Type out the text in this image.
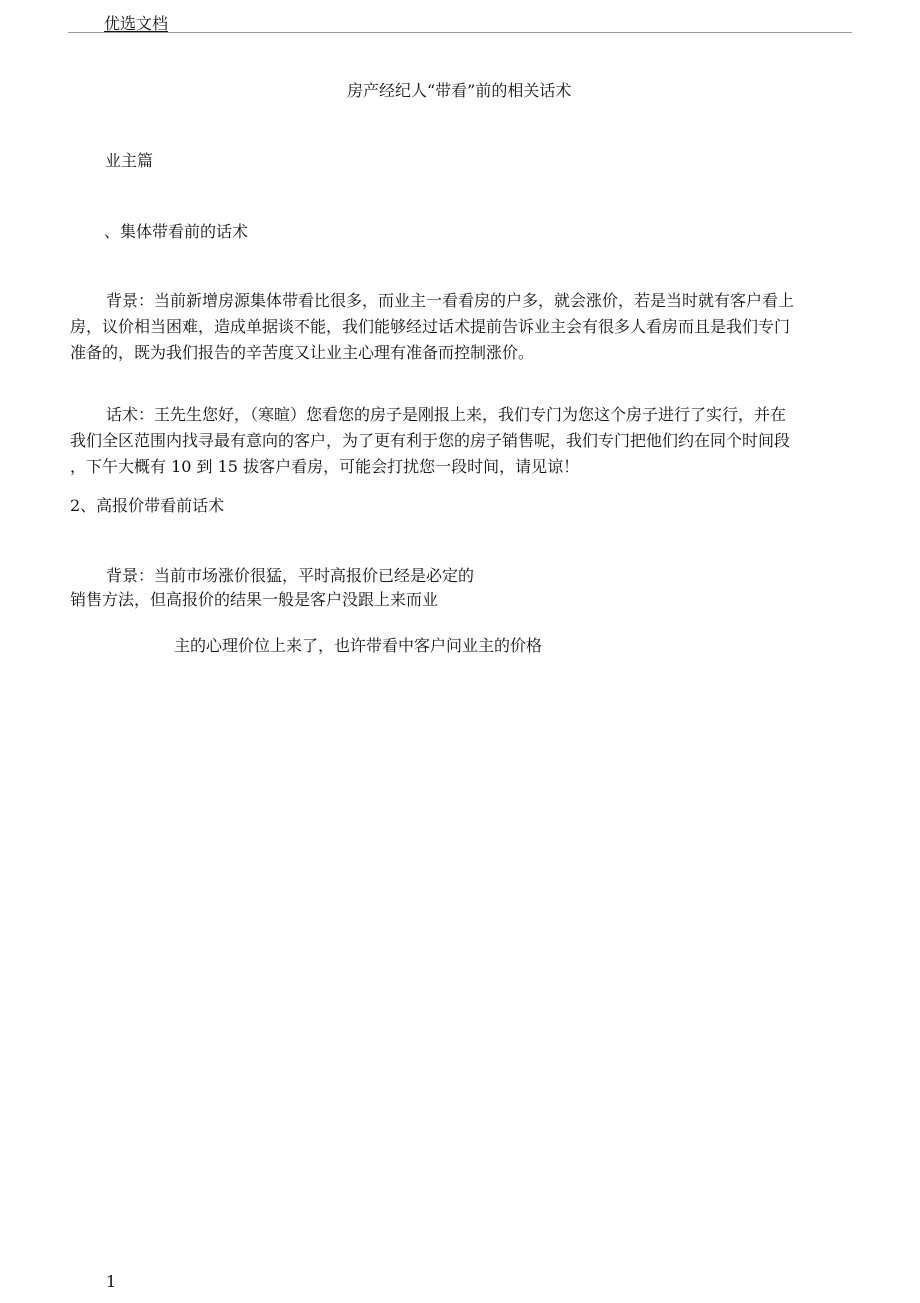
优选文档
房产经纪人“带看”前的相关话术
业主篇
、集体带看前的话术
背景：当前新增房源集体带看比很多，而业主一看看房的户多，就会涨价，若是当时就有客户看上
房，议价相当困难，造成单据谈不能，我们能够经过话术提前告诉业主会有很多人看房而且是我们专门
准备的，既为我们报告的辛苦度又让业主心理有准备而控制涨价。
话术：王先生您好，（寒暄）您看您的房子是刚报上来，我们专门为您这个房子进行了实行，并在
我们全区范围内找寻最有意向的客户，为了更有利于您的房子销售呢，我们专门把他们约在同个时间段
，下午大概有 10 到 15 拔客户看房，可能会打扰您一段时间，请见谅！
2、高报价带看前话术
背景：当前市场涨价很猛，平时高报价已经是必定的
销售方法，但高报价的结果一般是客户没跟上来而业
主的心理价位上来了，也许带看中客户问业主的价格
1
